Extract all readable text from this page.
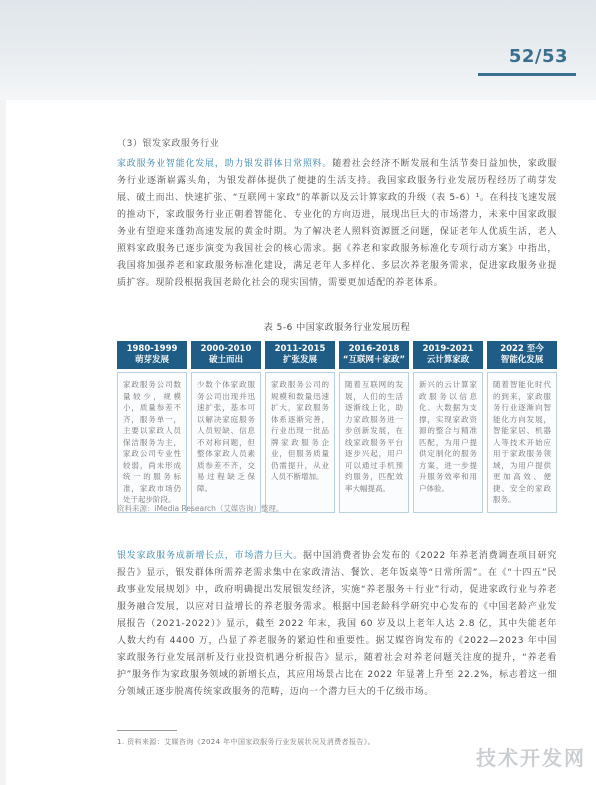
52/53
（3）银发家政服务行业
家政服务业智能化发展，助力银发群体日常照料。随着社会经济不断发展和生活节奏日益加快，家政服务行业逐渐崭露头角，为银发群体提供了便捷的生活支持。我国家政服务行业发展历程经历了萌芽发展、破土而出、快速扩张、“互联网＋家政”的革新以及云计算家政的升级（表 5-6）¹。在科技飞速发展的推动下，家政服务行业正朝着智能化、专业化的方向迈进，展现出巨大的市场潜力，未来中国家政服务业有望迎来蓬勃高速发展的黄金时期。为了解决老人照料资源匮乏问题，保证老年人优质生活，老人照料家政服务已逐步演变为我国社会的核心需求。据《养老和家政服务标准化专项行动方案》中指出，我国将加强养老和家政服务标准化建设，满足老年人多样化、多层次养老服务需求，促进家政服务业提质扩容。现阶段根据我国老龄化社会的现实国情，需要更加适配的养老体系。
表 5-6 中国家政服务行业发展历程
1980-1999
萌芽发展
家政服务公司数量较少，规模小，质量参差不齐，服务单一，主要以家政人员保洁服务为主，家政公司专业性较弱，尚未形成统一的服务标准，家政市场仍处于起步阶段。
2000-2010
破土而出
少数个体家政服务公司出现并迅速扩张，基本可以解决家庭服务人员短缺、信息不对称问题，但整体家政人员素质参差不齐，交易过程缺乏保障。
2011-2015
扩张发展
家政服务公司的规模和数量迅速扩大，家政服务体系逐渐完善，行业出现一批品牌家政服务企业，但服务质量仍需提升，从业人员不断增加。
2016-2018
“互联网＋家政”
随着互联网的发展，人们的生活逐渐线上化，助力家政服务进一步创新发展，在线家政服务平台逐步兴起，用户可以通过手机预约服务，匹配效率大幅提高。
2019-2021
云计算家政
新兴的云计算家政服务以信息化、大数据为支撑，实现家政资源的整合与精准匹配，为用户提供定制化的服务方案，进一步提升服务效率和用户体验。
2022 至今
智能化发展
随着智能化时代的到来，家政服务行业逐渐向智能化方向发展，智能家居、机器人等技术开始应用于家政服务领域，为用户提供更加高效、便捷、安全的家政服务。
资料来源：iMedia Research（艾媒咨询）整理。
银发家政服务成新增长点，市场潜力巨大。据中国消费者协会发布的《2022 年养老消费调查项目研究报告》显示，银发群体所需养老需求集中在家政清洁、餐饮、老年饭桌等“日常所需”。在《“十四五”民政事业发展规划》中，政府明确提出发展银发经济，实施“养老服务＋行业”行动，促进家政行业与养老服务融合发展，以应对日益增长的养老服务需求。根据中国老龄科学研究中心发布的《中国老龄产业发展报告（2021-2022）》显示，截至 2022 年末，我国 60 岁及以上老年人达 2.8 亿，其中失能老年人数大约有 4400 万，凸显了养老服务的紧迫性和重要性。据艾媒咨询发布的《2022—2023 年中国家政服务行业发展剖析及行业投资机遇分析报告》显示，随着社会对养老问题关注度的提升，“养老看护”服务作为家政服务领域的新增长点，其应用场景占比在 2022 年显著上升至 22.2%，标志着这一细分领域正逐步脱离传统家政服务的范畴，迈向一个潜力巨大的千亿级市场。
1. 资料来源：艾媒咨询《2024 年中国家政服务行业发展状况及消费者报告》。
技术开发网
